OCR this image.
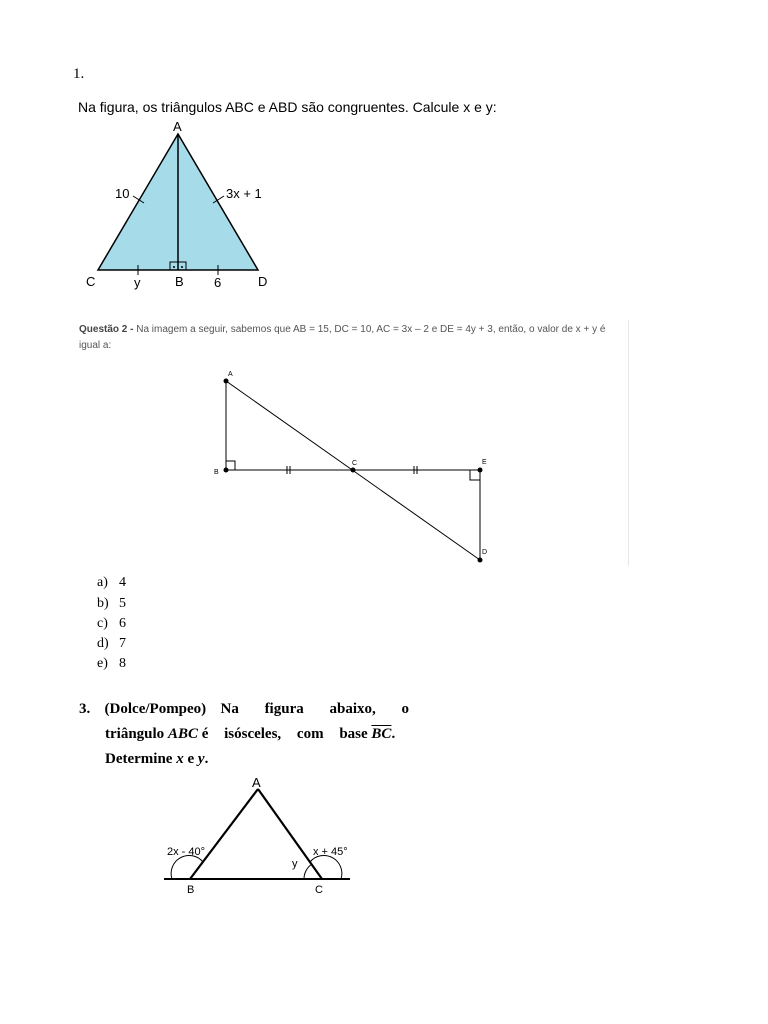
1.
Na figura, os triângulos ABC e ABD são congruentes. Calcule x e y:
A
C	B	D
10	3x + 1
y	6
Questão 2 - Na imagem a seguir, sabemos que AB = 15, DC = 10, AC = 3x – 2 e DE = 4y + 3, então, o valor de x + y é igual a:
A
B
C	E
D
a) 4
b) 5
c) 6
d) 7
e) 8
3. (Dolce/Pompeo) Na figura abaixo, o
triângulo ABC é isósceles, com base $\overline{BC}$.
Determine x e y.
A
B	C
2x - 40°	x + 45°
y
